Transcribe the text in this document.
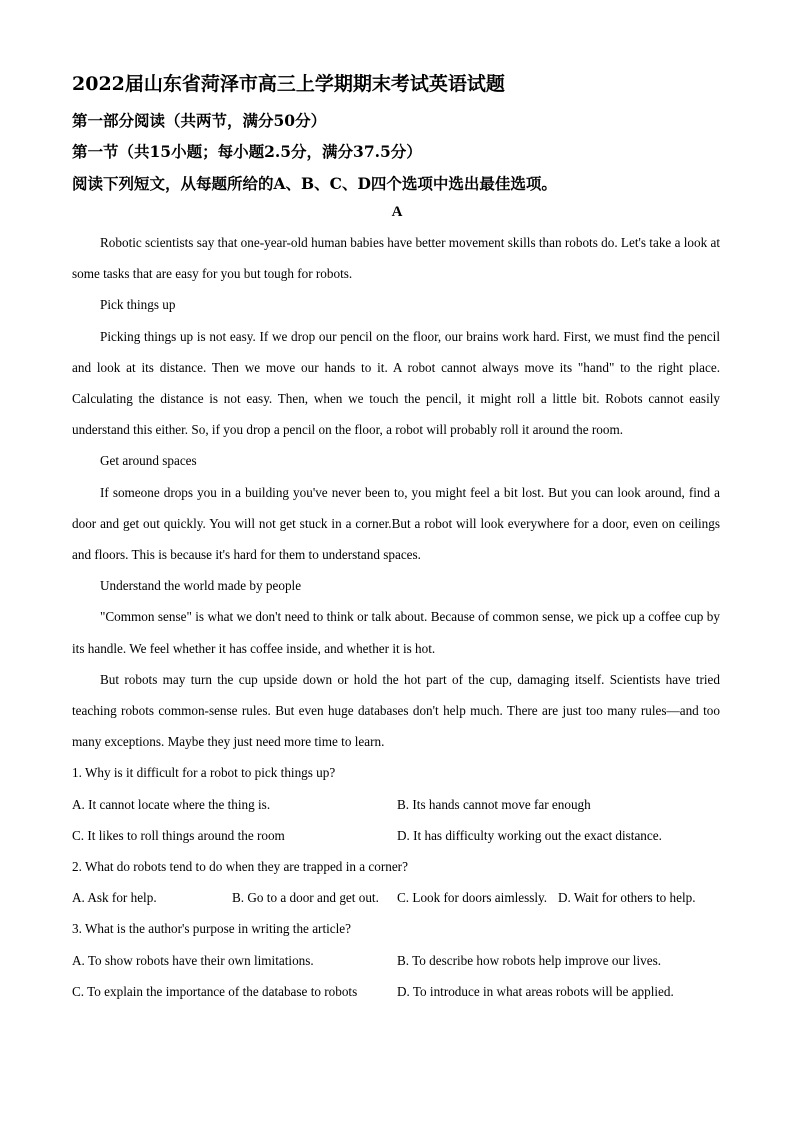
2022届山东省菏泽市高三上学期期末考试英语试题
第一部分阅读（共两节，满分50分）
第一节（共15小题；每小题2.5分，满分37.5分）
阅读下列短文，从每题所给的A、B、C、D四个选项中选出最佳选项。
A

Robotic scientists say that one-year-old human babies have better movement skills than robots do. Let's take a look at some tasks that are easy for you but tough for robots.

Pick things up

Picking things up is not easy. If we drop our pencil on the floor, our brains work hard. First, we must find the pencil and look at its distance. Then we move our hands to it. A robot cannot always move its "hand" to the right place. Calculating the distance is not easy. Then, when we touch the pencil, it might roll a little bit. Robots cannot easily understand this either. So, if you drop a pencil on the floor, a robot will probably roll it around the room.

Get around spaces

If someone drops you in a building you've never been to, you might feel a bit lost. But you can look around, find a door and get out quickly. You will not get stuck in a corner.But a robot will look everywhere for a door, even on ceilings and floors. This is because it's hard for them to understand spaces.

Understand the world made by people

"Common sense" is what we don't need to think or talk about. Because of common sense, we pick up a coffee cup by its handle. We feel whether it has coffee inside, and whether it is hot.

But robots may turn the cup upside down or hold the hot part of the cup, damaging itself. Scientists have tried teaching robots common-sense rules. But even huge databases don't help much. There are just too many rules—and too many exceptions. Maybe they just need more time to learn.

1. Why is it difficult for a robot to pick things up?

A. It cannot locate where the thing is.	B. Its hands cannot move far enough
C. It likes to roll things around the room	D. It has difficulty working out the exact distance.

2. What do robots tend to do when they are trapped in a corner?

A. Ask for help.	B. Go to a door and get out.	C. Look for doors aimlessly. D. Wait for others to help.

3. What is the author's purpose in writing the article?

A. To show robots have their own limitations.	B. To describe how robots help improve our lives.
C. To explain the importance of the database to robots	D. To introduce in what areas robots will be applied.
